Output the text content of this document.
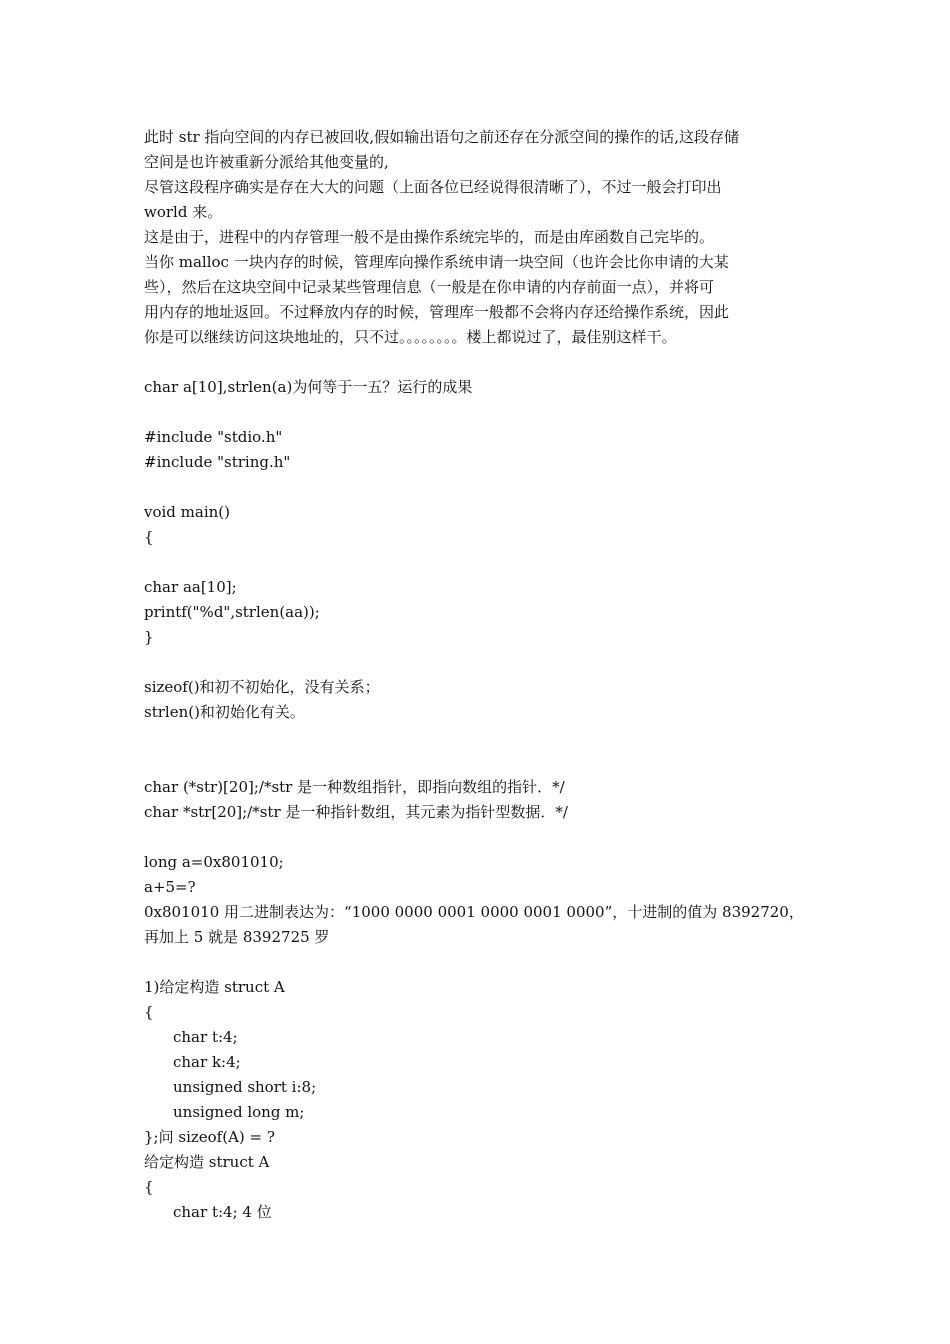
此时 str 指向空间的内存已被回收,假如输出语句之前还存在分派空间的操作的话,这段存储
空间是也许被重新分派给其他变量的,
尽管这段程序确实是存在大大的问题（上面各位已经说得很清晰了），不过一般会打印出
world 来。
这是由于，进程中的内存管理一般不是由操作系统完毕的，而是由库函数自己完毕的。
当你 malloc 一块内存的时候，管理库向操作系统申请一块空间（也许会比你申请的大某
些），然后在这块空间中记录某些管理信息（一般是在你申请的内存前面一点），并将可
用内存的地址返回。不过释放内存的时候，管理库一般都不会将内存还给操作系统，因此
你是可以继续访问这块地址的，只不过。。。。。。。。楼上都说过了，最佳别这样干。
char a[10],strlen(a)为何等于一五？运行的成果
#include "stdio.h"
#include "string.h"
void main()
{
char aa[10];
printf("%d",strlen(aa));
}
sizeof()和初不初始化，没有关系；
strlen()和初始化有关。
char (*str)[20];/*str 是一种数组指针，即指向数组的指针．*/
char *str[20];/*str 是一种指针数组，其元素为指针型数据．*/
long a=0x801010;
a+5=?
0x801010 用二进制表达为：“1000 0000 0001 0000 0001 0000”，十进制的值为 8392720，
再加上 5 就是 8392725 罗
1)给定构造 struct A
{
char t:4;
char k:4;
unsigned short i:8;
unsigned long m;
};问 sizeof(A) = ?
给定构造 struct A
{
char t:4; 4 位
